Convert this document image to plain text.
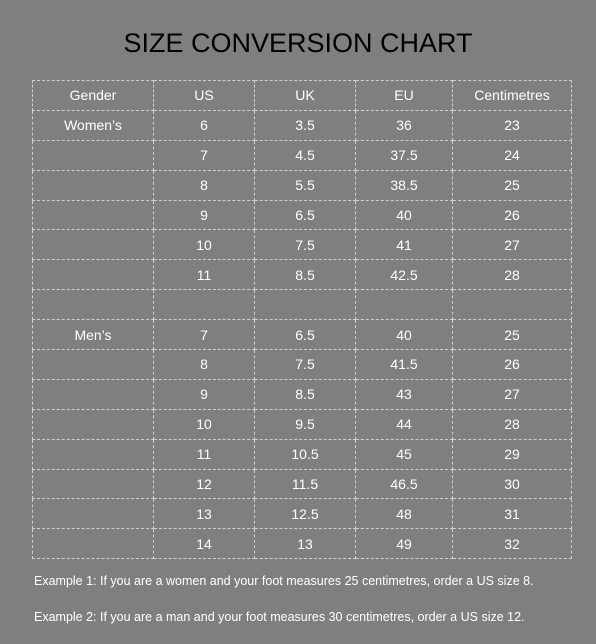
SIZE CONVERSION CHART
Gender	US	UK	EU	Centimetres
Women’s	6	3.5	36	23
	7	4.5	37.5	24
	8	5.5	38.5	25
	9	6.5	40	26
	10	7.5	41	27
	11	8.5	42.5	28

Men’s	7	6.5	40	25
	8	7.5	41.5	26
	9	8.5	43	27
	10	9.5	44	28
	11	10.5	45	29
	12	11.5	46.5	30
	13	12.5	48	31
	14	13	49	32
Example 1: If you are a women and your foot measures 25 centimetres, order a US size 8.
Example 2: If you are a man and your foot measures 30 centimetres, order a US size 12.
